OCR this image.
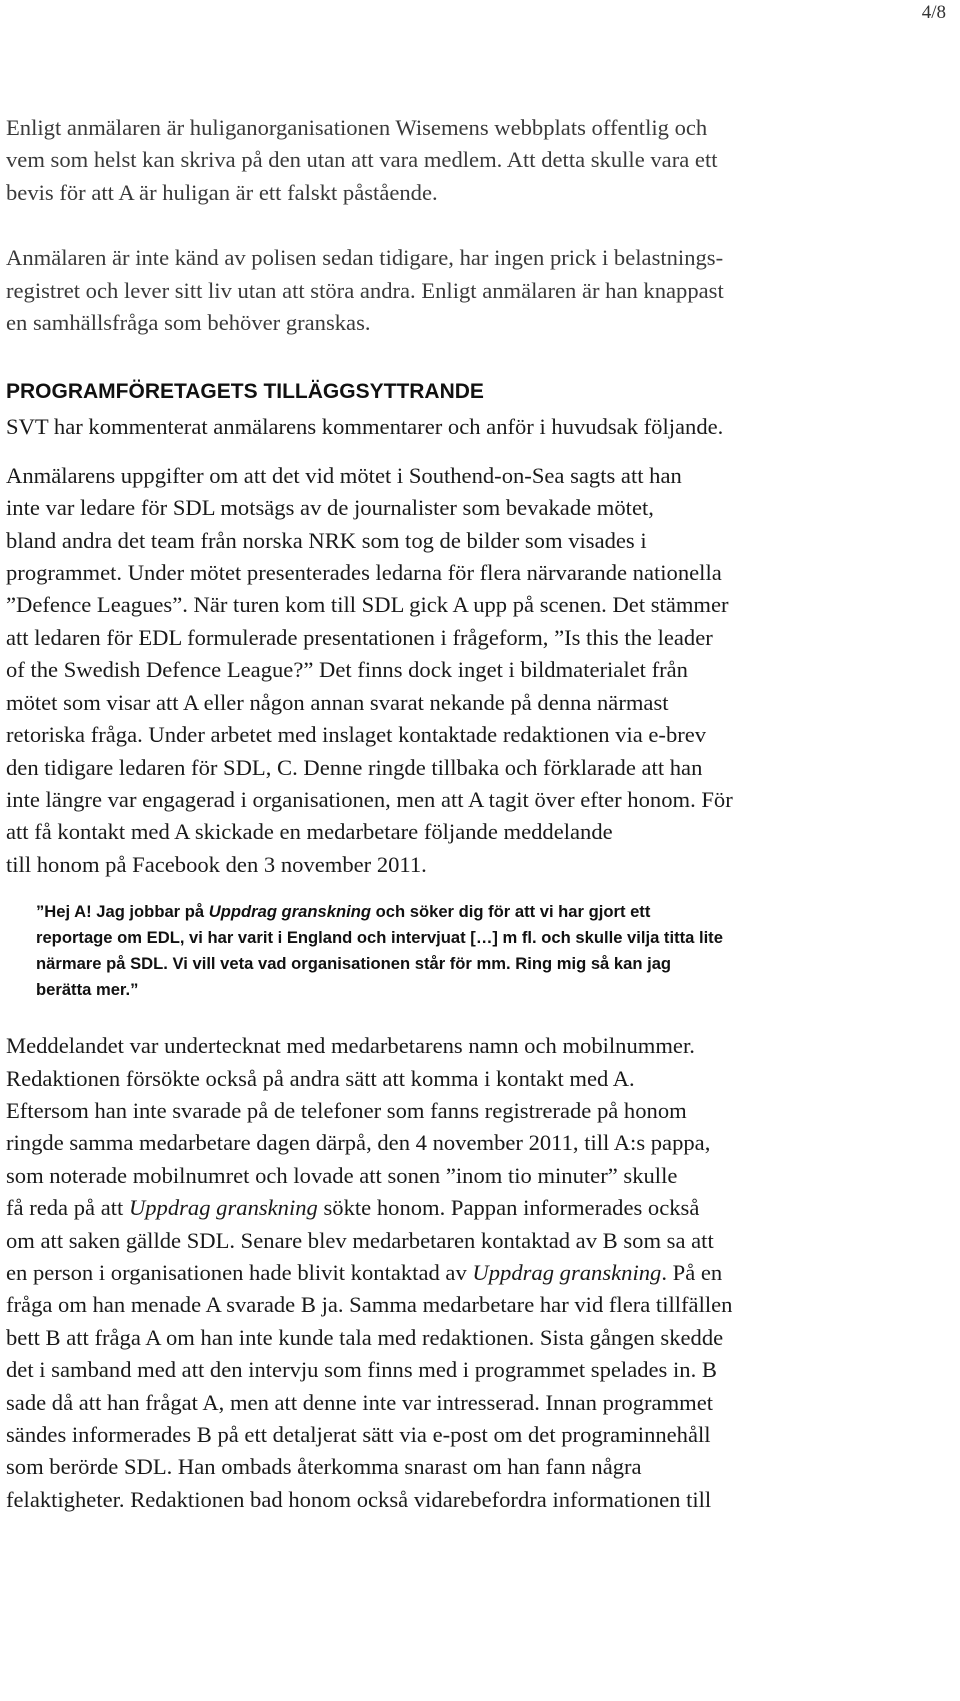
4/8

Enligt anmälaren är huliganorganisationen Wisemens webbplats offentlig och
vem som helst kan skriva på den utan att vara medlem. Att detta skulle vara ett
bevis för att A är huligan är ett falskt påstående.

Anmälaren är inte känd av polisen sedan tidigare, har ingen prick i belastnings-
registret och lever sitt liv utan att störa andra. Enligt anmälaren är han knappast
en samhällsfråga som behöver granskas.

PROGRAMFÖRETAGETS TILLÄGGSYTTRANDE

SVT har kommenterat anmälarens kommentarer och anför i huvudsak följande.

Anmälarens uppgifter om att det vid mötet i Southend-on-Sea sagts att han
inte var ledare för SDL motsägs av de journalister som bevakade mötet,
bland andra det team från norska NRK som tog de bilder som visades i
programmet. Under mötet presenterades ledarna för flera närvarande nationella
”Defence Leagues”. När turen kom till SDL gick A upp på scenen. Det stämmer
att ledaren för EDL formulerade presentationen i frågeform, ”Is this the leader
of the Swedish Defence League?” Det finns dock inget i bildmaterialet från
mötet som visar att A eller någon annan svarat nekande på denna närmast
retoriska fråga. Under arbetet med inslaget kontaktade redaktionen via e-brev
den tidigare ledaren för SDL, C. Denne ringde tillbaka och förklarade att han
inte längre var engagerad i organisationen, men att A tagit över efter honom. För
att få kontakt med A skickade en medarbetare följande meddelande
till honom på Facebook den 3 november 2011.

”Hej A! Jag jobbar på Uppdrag granskning och söker dig för att vi har gjort ett
reportage om EDL, vi har varit i England och intervjuat […] m fl. och skulle vilja titta lite
närmare på SDL. Vi vill veta vad organisationen står för mm. Ring mig så kan jag
berätta mer.”

Meddelandet var undertecknat med medarbetarens namn och mobilnummer.
Redaktionen försökte också på andra sätt att komma i kontakt med A.
Eftersom han inte svarade på de telefoner som fanns registrerade på honom
ringde samma medarbetare dagen därpå, den 4 november 2011, till A:s pappa,
som noterade mobilnumret och lovade att sonen ”inom tio minuter” skulle
få reda på att Uppdrag granskning sökte honom. Pappan informerades också
om att saken gällde SDL. Senare blev medarbetaren kontaktad av B som sa att
en person i organisationen hade blivit kontaktad av Uppdrag granskning. På en
fråga om han menade A svarade B ja. Samma medarbetare har vid flera tillfällen
bett B att fråga A om han inte kunde tala med redaktionen. Sista gången skedde
det i samband med att den intervju som finns med i programmet spelades in. B
sade då att han frågat A, men att denne inte var intresserad. Innan programmet
sändes informerades B på ett detaljerat sätt via e-post om det programinnehåll
som berörde SDL. Han ombads återkomma snarast om han fann några
felaktigheter. Redaktionen bad honom också vidarebefordra informationen till
